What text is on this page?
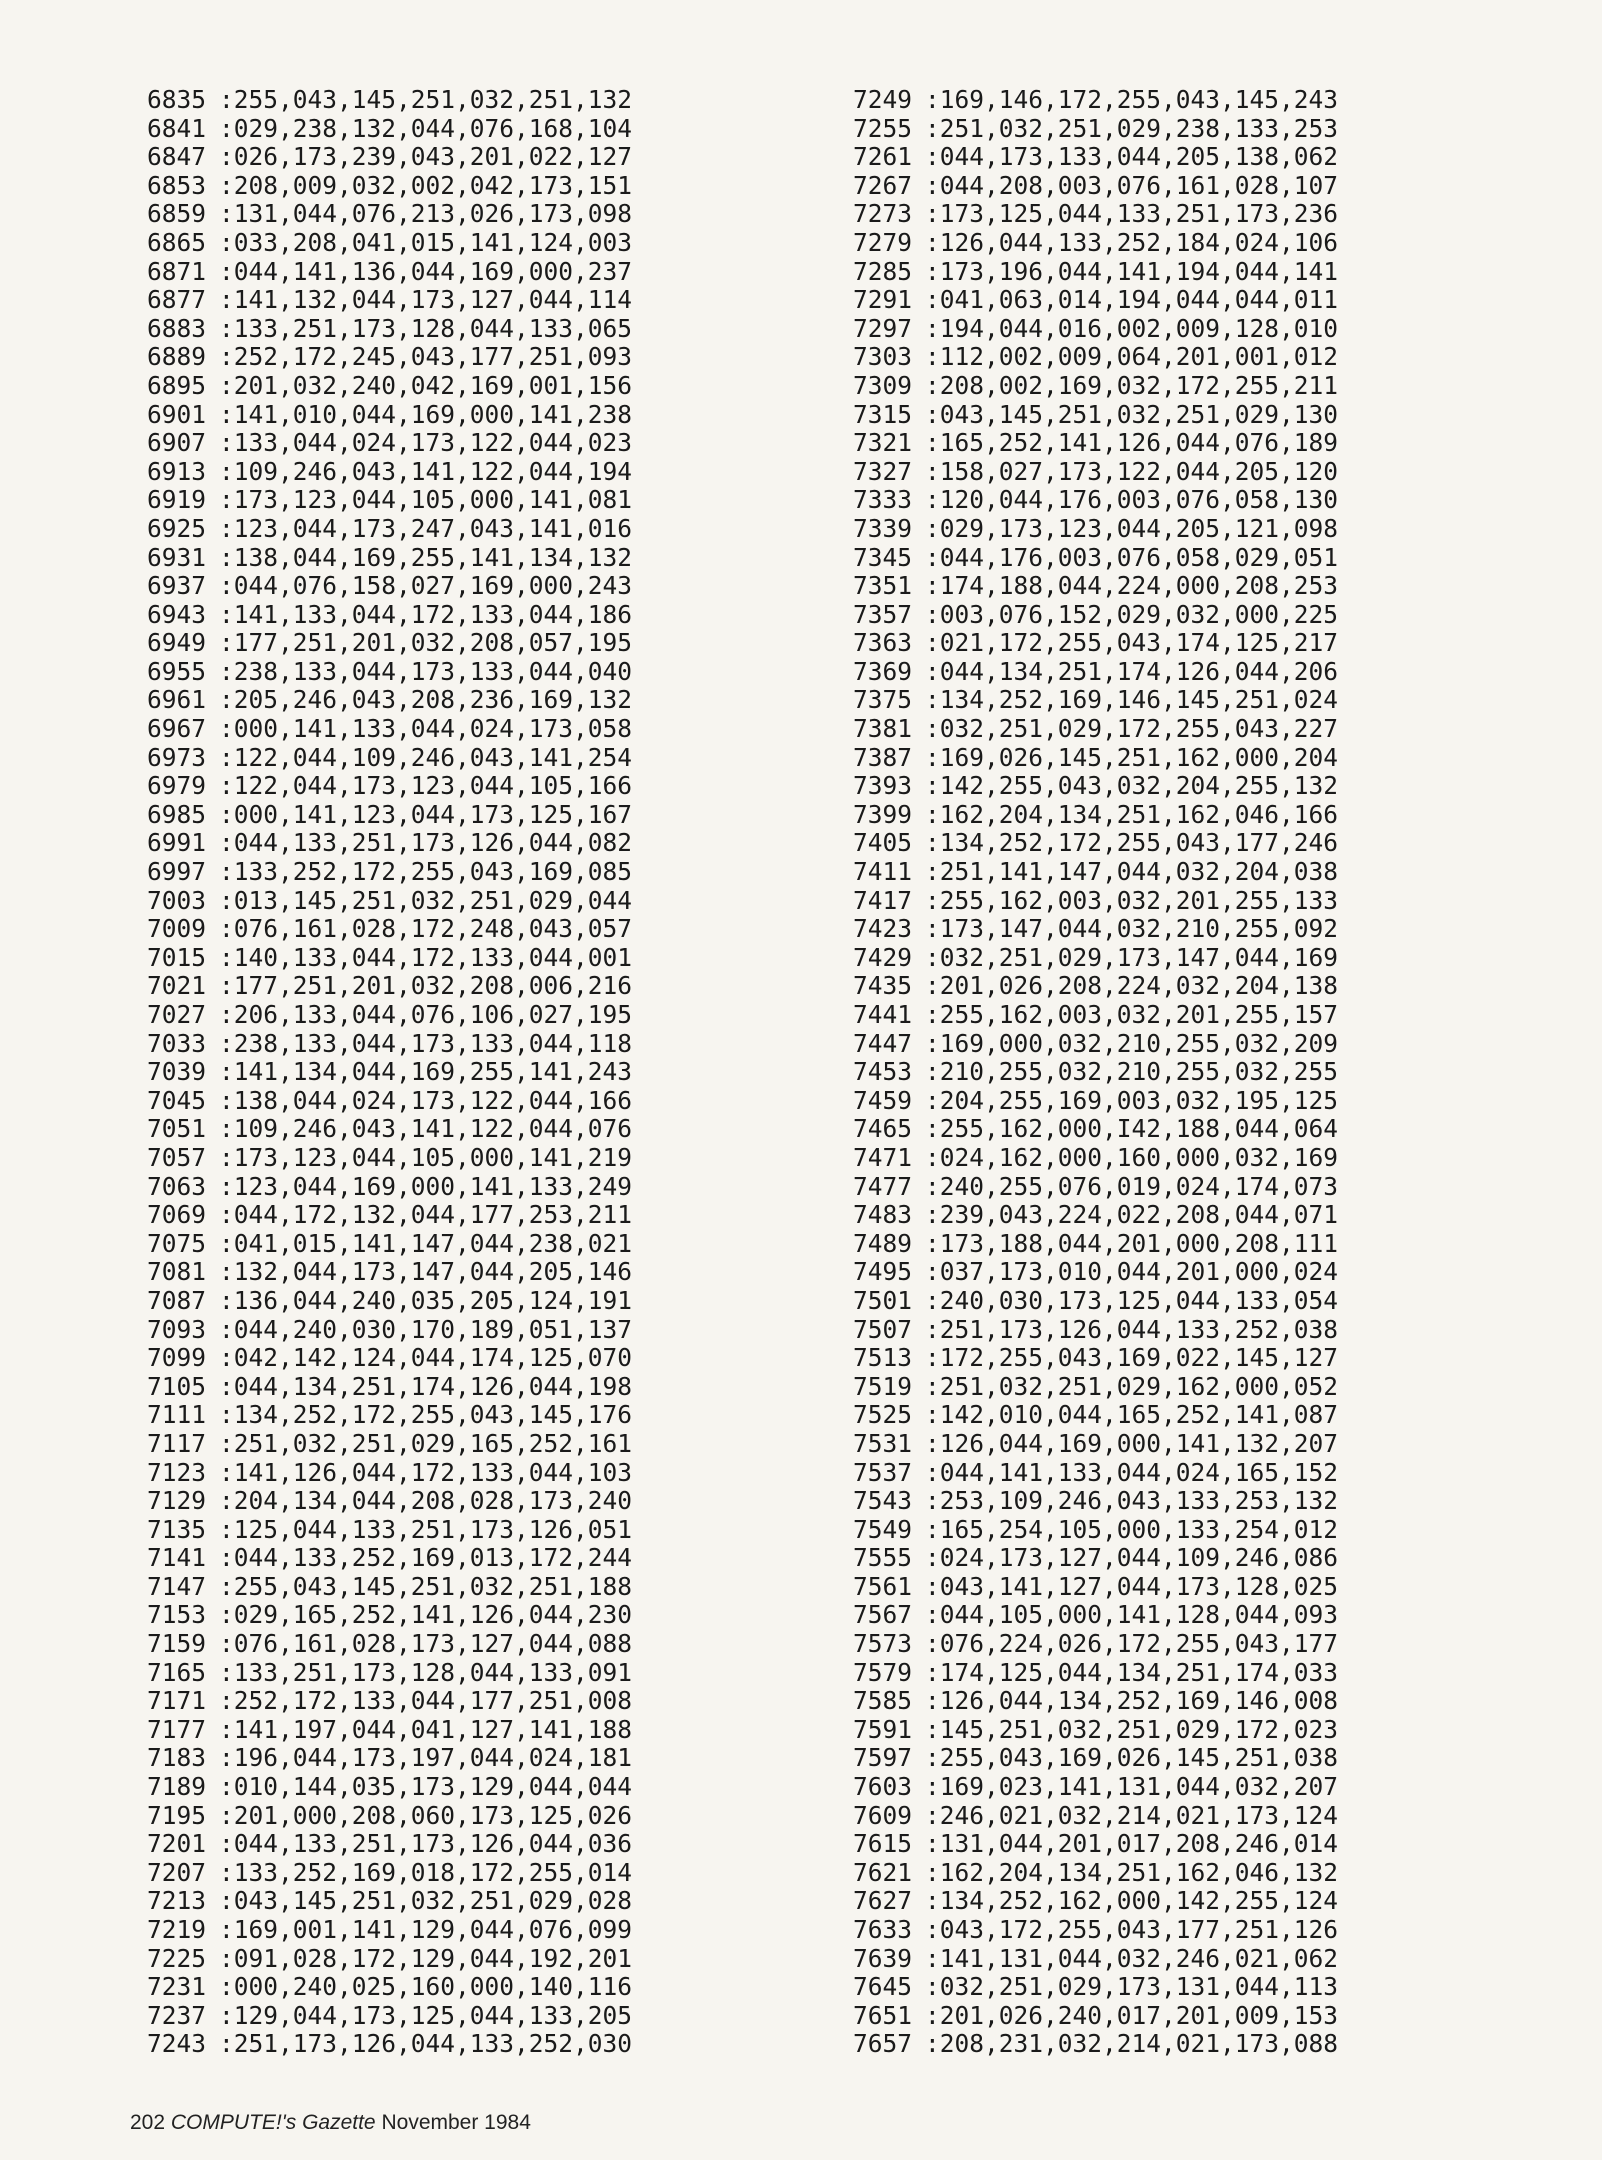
6835 :255,043,145,251,032,251,132
6841 :029,238,132,044,076,168,104
6847 :026,173,239,043,201,022,127
6853 :208,009,032,002,042,173,151
6859 :131,044,076,213,026,173,098
6865 :033,208,041,015,141,124,003
6871 :044,141,136,044,169,000,237
6877 :141,132,044,173,127,044,114
6883 :133,251,173,128,044,133,065
6889 :252,172,245,043,177,251,093
6895 :201,032,240,042,169,001,156
6901 :141,010,044,169,000,141,238
6907 :133,044,024,173,122,044,023
6913 :109,246,043,141,122,044,194
6919 :173,123,044,105,000,141,081
6925 :123,044,173,247,043,141,016
6931 :138,044,169,255,141,134,132
6937 :044,076,158,027,169,000,243
6943 :141,133,044,172,133,044,186
6949 :177,251,201,032,208,057,195
6955 :238,133,044,173,133,044,040
6961 :205,246,043,208,236,169,132
6967 :000,141,133,044,024,173,058
6973 :122,044,109,246,043,141,254
6979 :122,044,173,123,044,105,166
6985 :000,141,123,044,173,125,167
6991 :044,133,251,173,126,044,082
6997 :133,252,172,255,043,169,085
7003 :013,145,251,032,251,029,044
7009 :076,161,028,172,248,043,057
7015 :140,133,044,172,133,044,001
7021 :177,251,201,032,208,006,216
7027 :206,133,044,076,106,027,195
7033 :238,133,044,173,133,044,118
7039 :141,134,044,169,255,141,243
7045 :138,044,024,173,122,044,166
7051 :109,246,043,141,122,044,076
7057 :173,123,044,105,000,141,219
7063 :123,044,169,000,141,133,249
7069 :044,172,132,044,177,253,211
7075 :041,015,141,147,044,238,021
7081 :132,044,173,147,044,205,146
7087 :136,044,240,035,205,124,191
7093 :044,240,030,170,189,051,137
7099 :042,142,124,044,174,125,070
7105 :044,134,251,174,126,044,198
7111 :134,252,172,255,043,145,176
7117 :251,032,251,029,165,252,161
7123 :141,126,044,172,133,044,103
7129 :204,134,044,208,028,173,240
7135 :125,044,133,251,173,126,051
7141 :044,133,252,169,013,172,244
7147 :255,043,145,251,032,251,188
7153 :029,165,252,141,126,044,230
7159 :076,161,028,173,127,044,088
7165 :133,251,173,128,044,133,091
7171 :252,172,133,044,177,251,008
7177 :141,197,044,041,127,141,188
7183 :196,044,173,197,044,024,181
7189 :010,144,035,173,129,044,044
7195 :201,000,208,060,173,125,026
7201 :044,133,251,173,126,044,036
7207 :133,252,169,018,172,255,014
7213 :043,145,251,032,251,029,028
7219 :169,001,141,129,044,076,099
7225 :091,028,172,129,044,192,201
7231 :000,240,025,160,000,140,116
7237 :129,044,173,125,044,133,205
7243 :251,173,126,044,133,252,030
7249 :169,146,172,255,043,145,243
7255 :251,032,251,029,238,133,253
7261 :044,173,133,044,205,138,062
7267 :044,208,003,076,161,028,107
7273 :173,125,044,133,251,173,236
7279 :126,044,133,252,184,024,106
7285 :173,196,044,141,194,044,141
7291 :041,063,014,194,044,044,011
7297 :194,044,016,002,009,128,010
7303 :112,002,009,064,201,001,012
7309 :208,002,169,032,172,255,211
7315 :043,145,251,032,251,029,130
7321 :165,252,141,126,044,076,189
7327 :158,027,173,122,044,205,120
7333 :120,044,176,003,076,058,130
7339 :029,173,123,044,205,121,098
7345 :044,176,003,076,058,029,051
7351 :174,188,044,224,000,208,253
7357 :003,076,152,029,032,000,225
7363 :021,172,255,043,174,125,217
7369 :044,134,251,174,126,044,206
7375 :134,252,169,146,145,251,024
7381 :032,251,029,172,255,043,227
7387 :169,026,145,251,162,000,204
7393 :142,255,043,032,204,255,132
7399 :162,204,134,251,162,046,166
7405 :134,252,172,255,043,177,246
7411 :251,141,147,044,032,204,038
7417 :255,162,003,032,201,255,133
7423 :173,147,044,032,210,255,092
7429 :032,251,029,173,147,044,169
7435 :201,026,208,224,032,204,138
7441 :255,162,003,032,201,255,157
7447 :169,000,032,210,255,032,209
7453 :210,255,032,210,255,032,255
7459 :204,255,169,003,032,195,125
7465 :255,162,000,I42,188,044,064
7471 :024,162,000,160,000,032,169
7477 :240,255,076,019,024,174,073
7483 :239,043,224,022,208,044,071
7489 :173,188,044,201,000,208,111
7495 :037,173,010,044,201,000,024
7501 :240,030,173,125,044,133,054
7507 :251,173,126,044,133,252,038
7513 :172,255,043,169,022,145,127
7519 :251,032,251,029,162,000,052
7525 :142,010,044,165,252,141,087
7531 :126,044,169,000,141,132,207
7537 :044,141,133,044,024,165,152
7543 :253,109,246,043,133,253,132
7549 :165,254,105,000,133,254,012
7555 :024,173,127,044,109,246,086
7561 :043,141,127,044,173,128,025
7567 :044,105,000,141,128,044,093
7573 :076,224,026,172,255,043,177
7579 :174,125,044,134,251,174,033
7585 :126,044,134,252,169,146,008
7591 :145,251,032,251,029,172,023
7597 :255,043,169,026,145,251,038
7603 :169,023,141,131,044,032,207
7609 :246,021,032,214,021,173,124
7615 :131,044,201,017,208,246,014
7621 :162,204,134,251,162,046,132
7627 :134,252,162,000,142,255,124
7633 :043,172,255,043,177,251,126
7639 :141,131,044,032,246,021,062
7645 :032,251,029,173,131,044,113
7651 :201,026,240,017,201,009,153
7657 :208,231,032,214,021,173,088
202 COMPUTE!'s Gazette November 1984
